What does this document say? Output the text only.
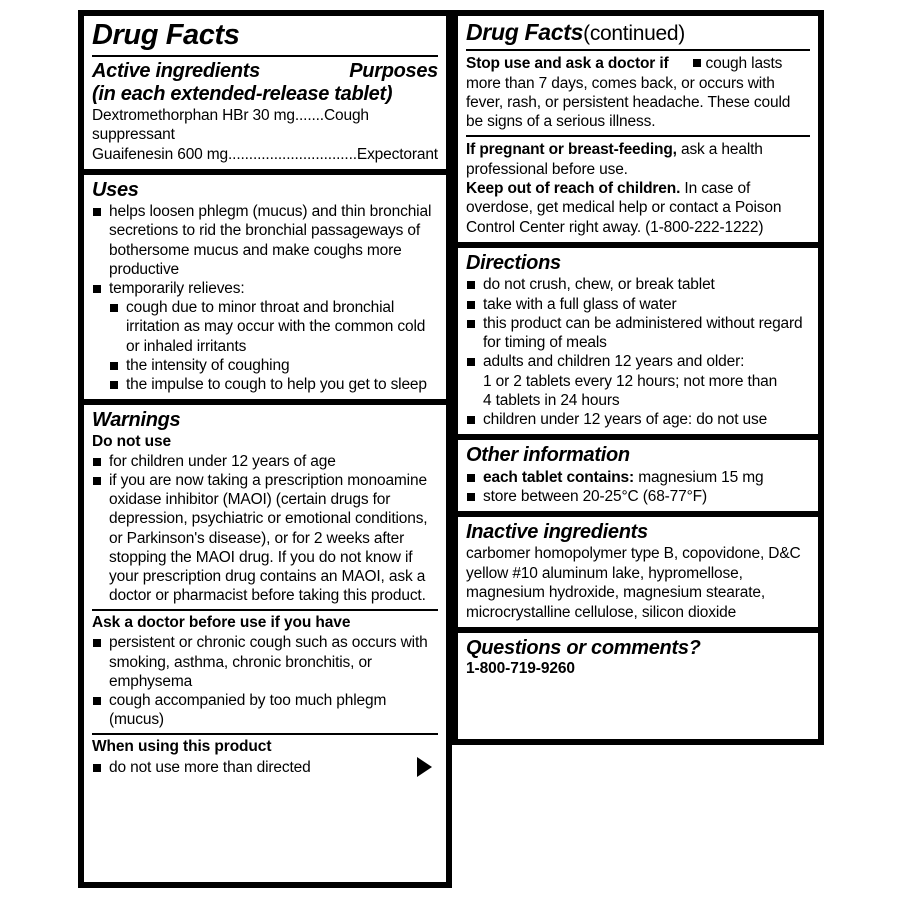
Drug Facts
Active ingredients	Purposes
(in each extended-release tablet)
Dextromethorphan HBr 30 mg.......Cough suppressant
Guaifenesin 600 mg...............................Expectorant
Uses
helps loosen phlegm (mucus) and thin bronchial secretions to rid the bronchial passageways of bothersome mucus and make coughs more productive
temporarily relieves:
cough due to minor throat and bronchial irritation as may occur with the common cold or inhaled irritants
the intensity of coughing
the impulse to cough to help you get to sleep
Warnings
Do not use
for children under 12 years of age
if you are now taking a prescription monoamine oxidase inhibitor (MAOI) (certain drugs for depression, psychiatric or emotional conditions, or Parkinson's disease), or for 2 weeks after stopping the MAOI drug. If you do not know if your prescription drug contains an MAOI, ask a doctor or pharmacist before taking this product.
Ask a doctor before use if you have
persistent or chronic cough such as occurs with smoking, asthma, chronic bronchitis, or emphysema
cough accompanied by too much phlegm (mucus)
When using this product
do not use more than directed
Drug Facts(continued)
Stop use and ask a doctor if cough lasts more than 7 days, comes back, or occurs with fever, rash, or persistent headache. These could be signs of a serious illness.
If pregnant or breast-feeding, ask a health professional before use.
Keep out of reach of children. In case of overdose, get medical help or contact a Poison Control Center right away. (1-800-222-1222)
Directions
do not crush, chew, or break tablet
take with a full glass of water
this product can be administered without regard for timing of meals
adults and children 12 years and older:
1 or 2 tablets every 12 hours; not more than
4 tablets in 24 hours
children under 12 years of age: do not use
Other information
each tablet contains: magnesium 15 mg
store between 20-25°C (68-77°F)
Inactive ingredients
carbomer homopolymer type B, copovidone, D&C yellow #10 aluminum lake, hypromellose, magnesium hydroxide, magnesium stearate, microcrystalline cellulose, silicon dioxide
Questions or comments?
1-800-719-9260
